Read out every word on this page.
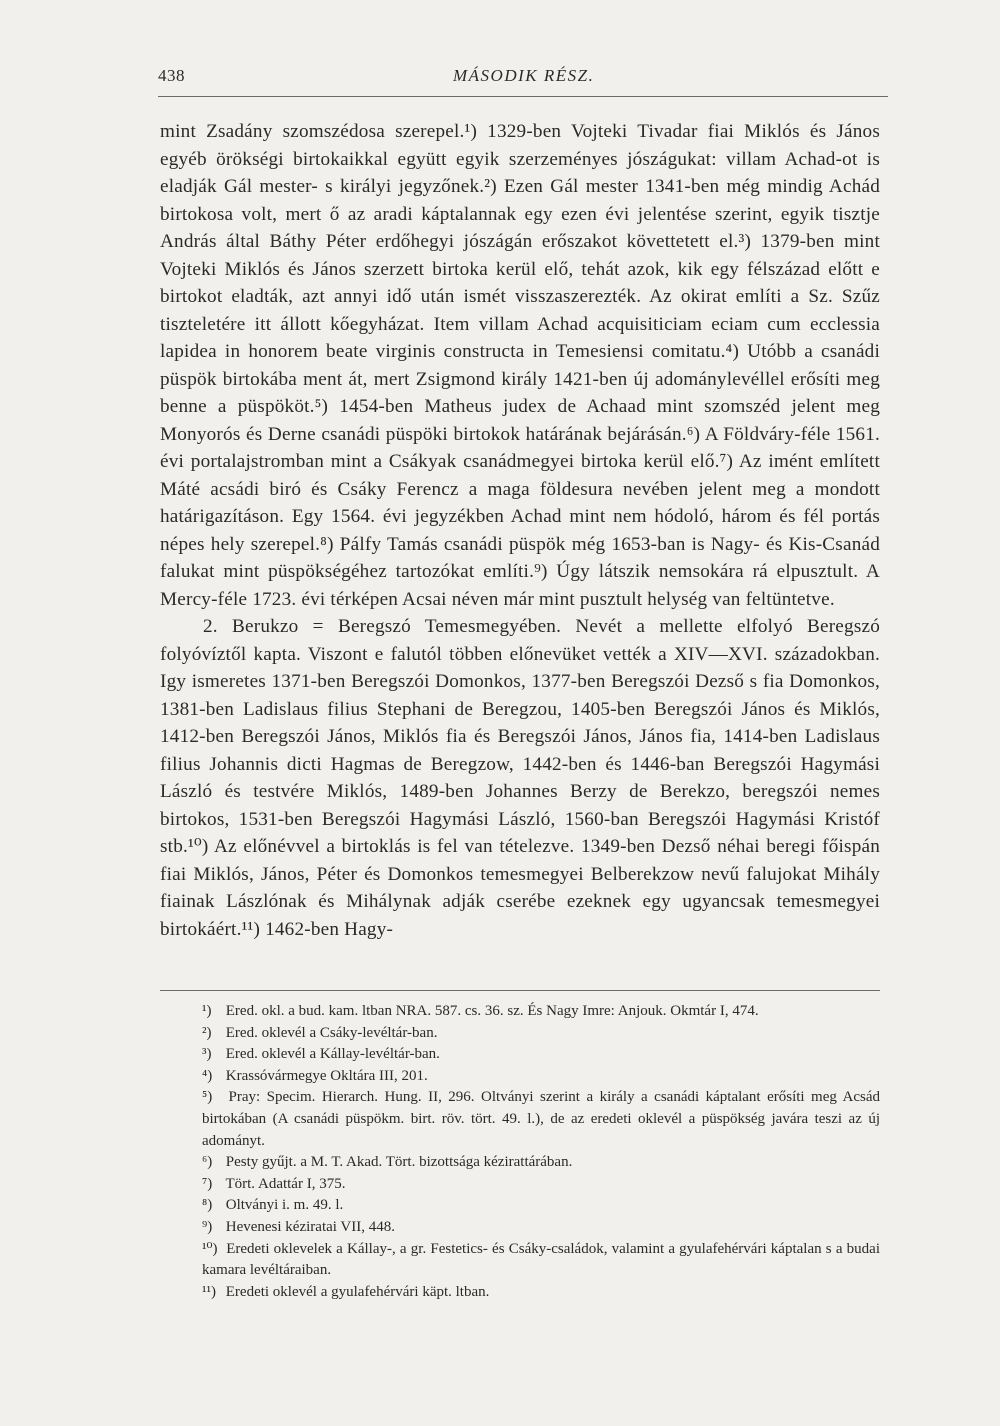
438	MÁSODIK RÉSZ.

mint Zsadány szomszédosa szerepel.¹) 1329-ben Vojteki Tivadar fiai Miklós és János egyéb örökségi birtokaikkal együtt egyik szerzeményes jószágukat: villam Achad-ot is eladják Gál mester- s királyi jegyzőnek.²) Ezen Gál mester 1341-ben még mindig Achád birtokosa volt, mert ő az aradi káptalannak egy ezen évi jelentése szerint, egyik tisztje András által Báthy Péter erdőhegyi jószágán erőszakot követtetett el.³) 1379-ben mint Vojteki Miklós és János szerzett birtoka kerül elő, tehát azok, kik egy félszázad előtt e birtokot eladták, azt annyi idő után ismét visszaszerezték. Az okirat említi a Sz. Szűz tiszteletére itt állott kőegyházat. Item villam Achad acquisiticiam eciam cum ecclessia lapidea in honorem beate virginis constructa in Temesiensi comitatu.⁴) Utóbb a csanádi püspök birtokába ment át, mert Zsigmond király 1421-ben új adománylevéllel erősíti meg benne a püspököt.⁵) 1454-ben Matheus judex de Achaad mint szomszéd jelent meg Monyorós és Derne csanádi püspöki birtokok határának bejárásán.⁶) A Földváry-féle 1561. évi portalajstromban mint a Csákyak csanádmegyei birtoka kerül elő.⁷) Az imént említett Máté acsádi biró és Csáky Ferencz a maga földesura nevében jelent meg a mondott határigazításon. Egy 1564. évi jegyzékben Achad mint nem hódoló, három és fél portás népes hely szerepel.⁸) Pálfy Tamás csanádi püspök még 1653-ban is Nagy- és Kis-Csanád falukat mint püspökségéhez tartozókat említi.⁹) Úgy látszik nemsokára rá elpusztult. A Mercy-féle 1723. évi térképen Acsai néven már mint pusztult helység van feltüntetve.

2. Berukzo = Beregszó Temesmegyében. Nevét a mellette elfolyó Beregszó folyóvíztől kapta. Viszont e falutól többen előnevüket vették a XIV—XVI. századokban. Igy ismeretes 1371-ben Beregszói Domonkos, 1377-ben Beregszói Dezső s fia Domonkos, 1381-ben Ladislaus filius Stephani de Beregzou, 1405-ben Beregszói János és Miklós, 1412-ben Beregszói János, Miklós fia és Beregszói János, János fia, 1414-ben Ladislaus filius Johannis dicti Hagmas de Beregzow, 1442-ben és 1446-ban Beregszói Hagymási László és testvére Miklós, 1489-ben Johannes Berzy de Berekzo, beregszói nemes birtokos, 1531-ben Beregszói Hagymási László, 1560-ban Beregszói Hagymási Kristóf stb.¹⁰) Az előnévvel a birtoklás is fel van tételezve. 1349-ben Dezső néhai beregi főispán fiai Miklós, János, Péter és Domonkos temesmegyei Belberekzow nevű falujokat Mihály fiainak Lászlónak és Mihálynak adják cserébe ezeknek egy ugyancsak temesmegyei birtokáért.¹¹) 1462-ben Hagy-

¹) Ered. okl. a bud. kam. ltban NRA. 587. cs. 36. sz. És Nagy Imre: Anjouk. Okmtár I, 474.
²) Ered. oklevél a Csáky-levéltár-ban.
³) Ered. oklevél a Kállay-levéltár-ban.
⁴) Krassóvármegye Okltára III, 201.
⁵) Pray: Specim. Hierarch. Hung. II, 296. Oltványi szerint a király a csanádi káptalant erősíti meg Acsád birtokában (A csanádi püspökm. birt. röv. tört. 49. l.), de az eredeti oklevél a püspökség javára teszi az új adományt.
⁶) Pesty gyűjt. a M. T. Akad. Tört. bizottsága kézirattárában.
⁷) Tört. Adattár I, 375.
⁸) Oltványi i. m. 49. l.
⁹) Hevenesi kéziratai VII, 448.
¹⁰) Eredeti oklevelek a Kállay-, a gr. Festetics- és Csáky-családok, valamint a gyulafehérvári káptalan s a budai kamara levéltáraiban.
¹¹) Eredeti oklevél a gyulafehérvári käpt. ltban.
